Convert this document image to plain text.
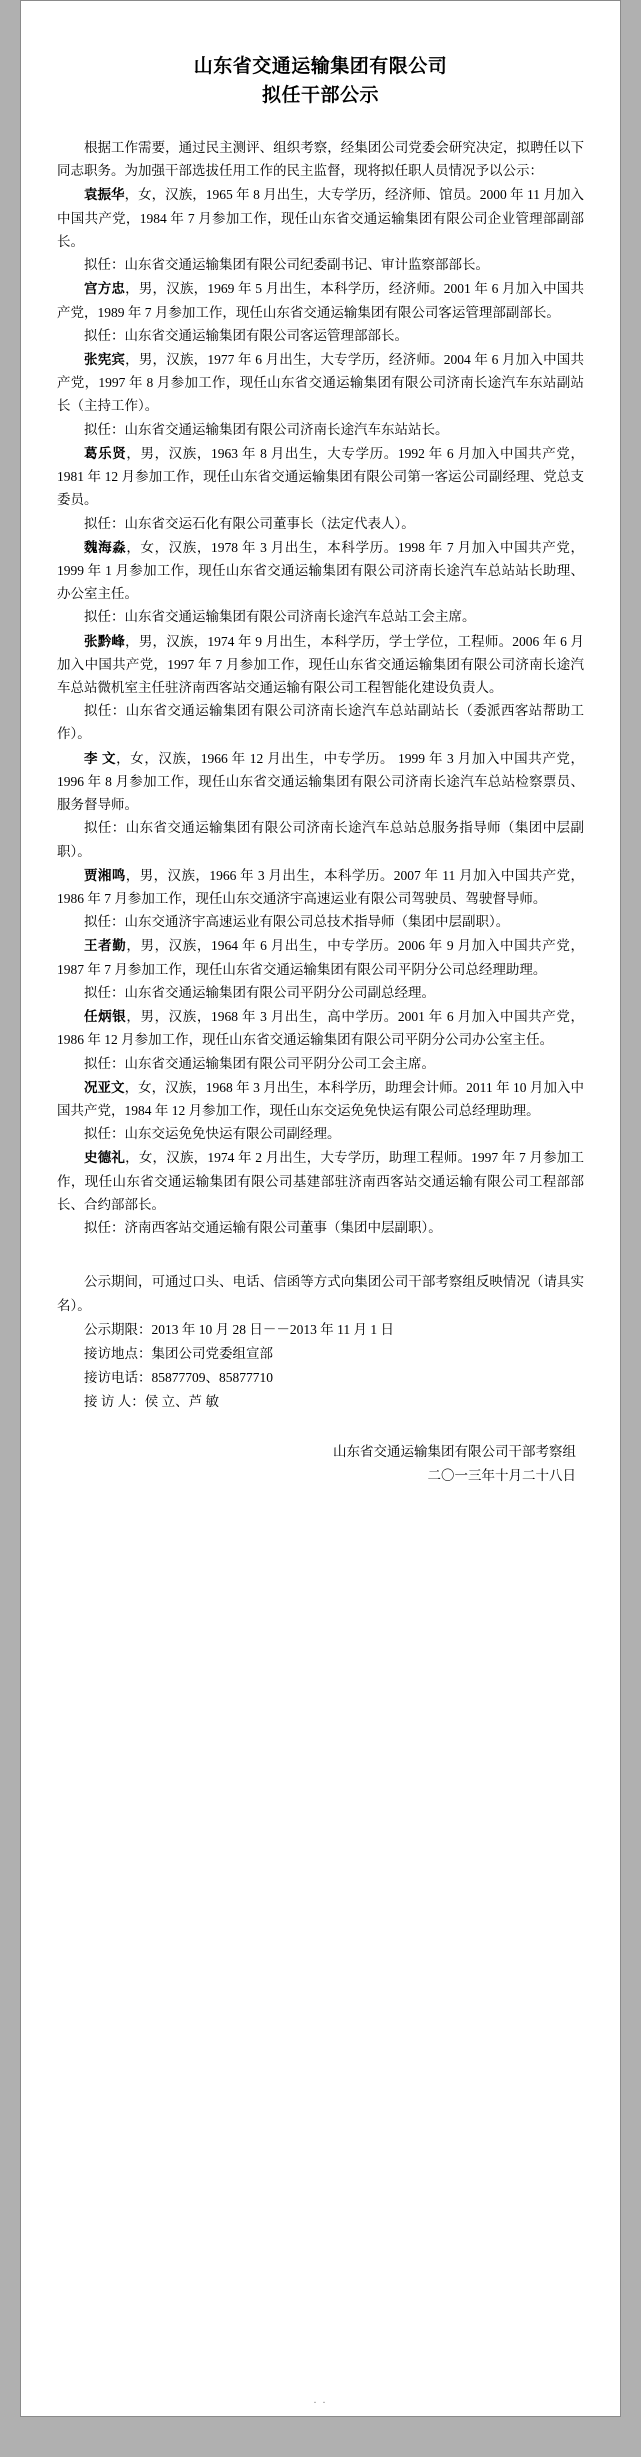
山东省交通运输集团有限公司
拟任干部公示

根据工作需要，通过民主测评、组织考察，经集团公司党委会研究决定，拟聘任以下同志职务。为加强干部选拔任用工作的民主监督，现将拟任职人员情况予以公示：

袁振华，女，汉族，1965 年 8 月出生，大专学历，经济师、馆员。2000 年 11 月加入中国共产党，1984 年 7 月参加工作，现任山东省交通运输集团有限公司企业管理部副部长。

拟任：山东省交通运输集团有限公司纪委副书记、审计监察部部长。

宫方忠，男，汉族，1969 年 5 月出生，本科学历，经济师。2001 年 6 月加入中国共产党，1989 年 7 月参加工作，现任山东省交通运输集团有限公司客运管理部副部长。

拟任：山东省交通运输集团有限公司客运管理部部长。

张宪宾，男，汉族，1977 年 6 月出生，大专学历，经济师。2004 年 6 月加入中国共产党，1997 年 8 月参加工作，现任山东省交通运输集团有限公司济南长途汽车东站副站长（主持工作）。

拟任：山东省交通运输集团有限公司济南长途汽车东站站长。

葛乐贤，男，汉族，1963 年 8 月出生，大专学历。1992 年 6 月加入中国共产党，1981 年 12 月参加工作，现任山东省交通运输集团有限公司第一客运公司副经理、党总支委员。

拟任：山东省交运石化有限公司董事长（法定代表人）。

魏海淼，女，汉族，1978 年 3 月出生，本科学历。1998 年 7 月加入中国共产党，1999 年 1 月参加工作，现任山东省交通运输集团有限公司济南长途汽车总站站长助理、办公室主任。

拟任：山东省交通运输集团有限公司济南长途汽车总站工会主席。

张黔峰，男，汉族，1974 年 9 月出生，本科学历，学士学位，工程师。2006 年 6 月加入中国共产党，1997 年 7 月参加工作，现任山东省交通运输集团有限公司济南长途汽车总站微机室主任驻济南西客站交通运输有限公司工程智能化建设负责人。

拟任：山东省交通运输集团有限公司济南长途汽车总站副站长（委派西客站帮助工作）。

李 文，女，汉族，1966 年 12 月出生，中专学历。 1999 年 3 月加入中国共产党，1996 年 8 月参加工作，现任山东省交通运输集团有限公司济南长途汽车总站检察票员、服务督导师。

拟任：山东省交通运输集团有限公司济南长途汽车总站总服务指导师（集团中层副职）。

贾湘鸣，男，汉族，1966 年 3 月出生，本科学历。2007 年 11 月加入中国共产党，1986 年 7 月参加工作，现任山东交通济宇高速运业有限公司驾驶员、驾驶督导师。

拟任：山东交通济宇高速运业有限公司总技术指导师（集团中层副职）。

王者勤，男，汉族，1964 年 6 月出生，中专学历。2006 年 9 月加入中国共产党，1987 年 7 月参加工作，现任山东省交通运输集团有限公司平阴分公司总经理助理。

拟任：山东省交通运输集团有限公司平阴分公司副总经理。

任炳银，男，汉族，1968 年 3 月出生，高中学历。2001 年 6 月加入中国共产党，1986 年 12 月参加工作，现任山东省交通运输集团有限公司平阴分公司办公室主任。

拟任：山东省交通运输集团有限公司平阴分公司工会主席。

况亚文，女，汉族，1968 年 3 月出生，本科学历，助理会计师。2011 年 10 月加入中国共产党，1984 年 12 月参加工作，现任山东交运免免快运有限公司总经理助理。

拟任：山东交运免免快运有限公司副经理。

史德礼，女，汉族，1974 年 2 月出生，大专学历，助理工程师。1997 年 7 月参加工作，现任山东省交通运输集团有限公司基建部驻济南西客站交通运输有限公司工程部部长、合约部部长。

拟任：济南西客站交通运输有限公司董事（集团中层副职）。

公示期间，可通过口头、电话、信函等方式向集团公司干部考察组反映情况（请具实名）。

公示期限：2013 年 10 月 28 日－－2013 年 11 月 1 日

接访地点：集团公司党委组宣部

接访电话：85877709、85877710

接 访 人：侯 立、芦 敏

山东省交通运输集团有限公司干部考察组
二〇一三年十月二十八日
. .
